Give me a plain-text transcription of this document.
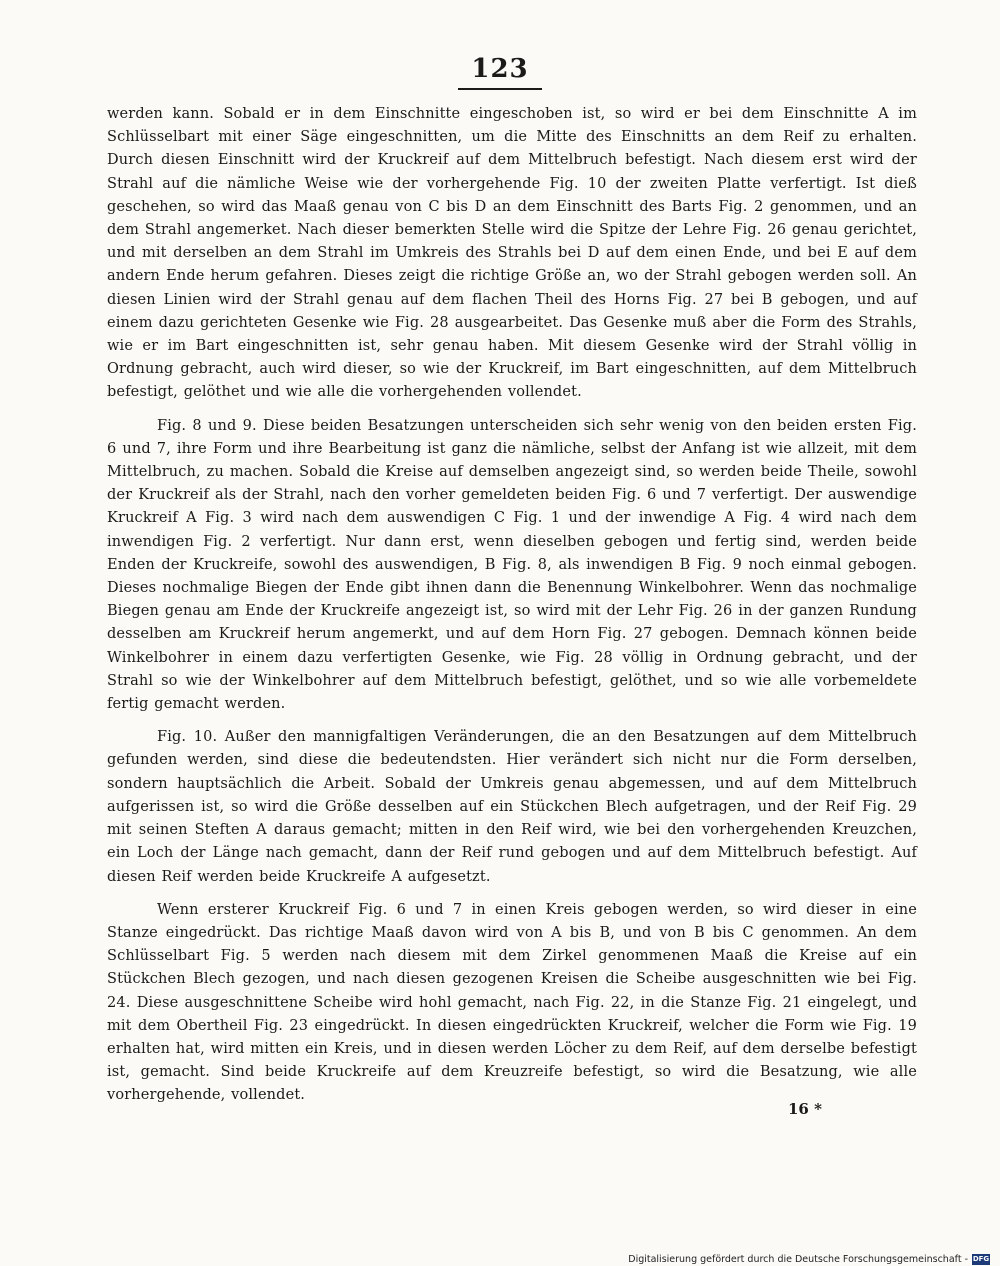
123

werden kann. Sobald er in dem Einschnitte eingeschoben ist, so wird er bei dem Einschnitte A im Schlüsselbart mit einer Säge eingeschnitten, um die Mitte des Einschnitts an dem Reif zu erhalten. Durch diesen Einschnitt wird der Kruckreif auf dem Mittelbruch befestigt. Nach diesem erst wird der Strahl auf die nämliche Weise wie der vorhergehende Fig. 10 der zweiten Platte verfertigt. Ist dieß geschehen, so wird das Maaß genau von C bis D an dem Einschnitt des Barts Fig. 2 genommen, und an dem Strahl angemerket. Nach dieser bemerkten Stelle wird die Spitze der Lehre Fig. 26 genau gerichtet, und mit derselben an dem Strahl im Umkreis des Strahls bei D auf dem einen Ende, und bei E auf dem andern Ende herum gefahren. Dieses zeigt die richtige Größe an, wo der Strahl gebogen werden soll. An diesen Linien wird der Strahl genau auf dem flachen Theil des Horns Fig. 27 bei B gebogen, und auf einem dazu gerichteten Gesenke wie Fig. 28 ausgearbeitet. Das Gesenke muß aber die Form des Strahls, wie er im Bart eingeschnitten ist, sehr genau haben. Mit diesem Gesenke wird der Strahl völlig in Ordnung gebracht, auch wird dieser, so wie der Kruckreif, im Bart eingeschnitten, auf dem Mittelbruch befestigt, gelöthet und wie alle die vorhergehenden vollendet.

Fig. 8 und 9. Diese beiden Besatzungen unterscheiden sich sehr wenig von den beiden ersten Fig. 6 und 7, ihre Form und ihre Bearbeitung ist ganz die nämliche, selbst der Anfang ist wie allzeit, mit dem Mittelbruch, zu machen. Sobald die Kreise auf demselben angezeigt sind, so werden beide Theile, sowohl der Kruckreif als der Strahl, nach den vorher gemeldeten beiden Fig. 6 und 7 verfertigt. Der auswendige Kruckreif A Fig. 3 wird nach dem auswendigen C Fig. 1 und der inwendige A Fig. 4 wird nach dem inwendigen Fig. 2 verfertigt. Nur dann erst, wenn dieselben gebogen und fertig sind, werden beide Enden der Kruckreife, sowohl des auswendigen, B Fig. 8, als inwendigen B Fig. 9 noch einmal gebogen. Dieses nochmalige Biegen der Ende gibt ihnen dann die Benennung Winkelbohrer. Wenn das nochmalige Biegen genau am Ende der Kruckreife angezeigt ist, so wird mit der Lehr Fig. 26 in der ganzen Rundung desselben am Kruckreif herum angemerkt, und auf dem Horn Fig. 27 gebogen. Demnach können beide Winkelbohrer in einem dazu verfertigten Gesenke, wie Fig. 28 völlig in Ordnung gebracht, und der Strahl so wie der Winkelbohrer auf dem Mittelbruch befestigt, gelöthet, und so wie alle vorbemeldete fertig gemacht werden.

Fig. 10. Außer den mannigfaltigen Veränderungen, die an den Besatzungen auf dem Mittelbruch gefunden werden, sind diese die bedeutendsten. Hier verändert sich nicht nur die Form derselben, sondern hauptsächlich die Arbeit. Sobald der Umkreis genau abgemessen, und auf dem Mittelbruch aufgerissen ist, so wird die Größe desselben auf ein Stückchen Blech aufgetragen, und der Reif Fig. 29 mit seinen Steften A daraus gemacht; mitten in den Reif wird, wie bei den vorhergehenden Kreuzchen, ein Loch der Länge nach gemacht, dann der Reif rund gebogen und auf dem Mittelbruch befestigt. Auf diesen Reif werden beide Kruckreife A aufgesetzt.

Wenn ersterer Kruckreif Fig. 6 und 7 in einen Kreis gebogen werden, so wird dieser in eine Stanze eingedrückt. Das richtige Maaß davon wird von A bis B, und von B bis C genommen. An dem Schlüsselbart Fig. 5 werden nach diesem mit dem Zirkel genommenen Maaß die Kreise auf ein Stückchen Blech gezogen, und nach diesen gezogenen Kreisen die Scheibe ausgeschnitten wie bei Fig. 24. Diese ausgeschnittene Scheibe wird hohl gemacht, nach Fig. 22, in die Stanze Fig. 21 eingelegt, und mit dem Obertheil Fig. 23 eingedrückt. In diesen eingedrückten Kruckreif, welcher die Form wie Fig. 19 erhalten hat, wird mitten ein Kreis, und in diesen werden Löcher zu dem Reif, auf dem derselbe befestigt ist, gemacht. Sind beide Kruckreife auf dem Kreuzreife befestigt, so wird die Besatzung, wie alle vorhergehende, vollendet.

16 *
Digitalisierung gefördert durch die Deutsche Forschungsgemeinschaft - DFG
